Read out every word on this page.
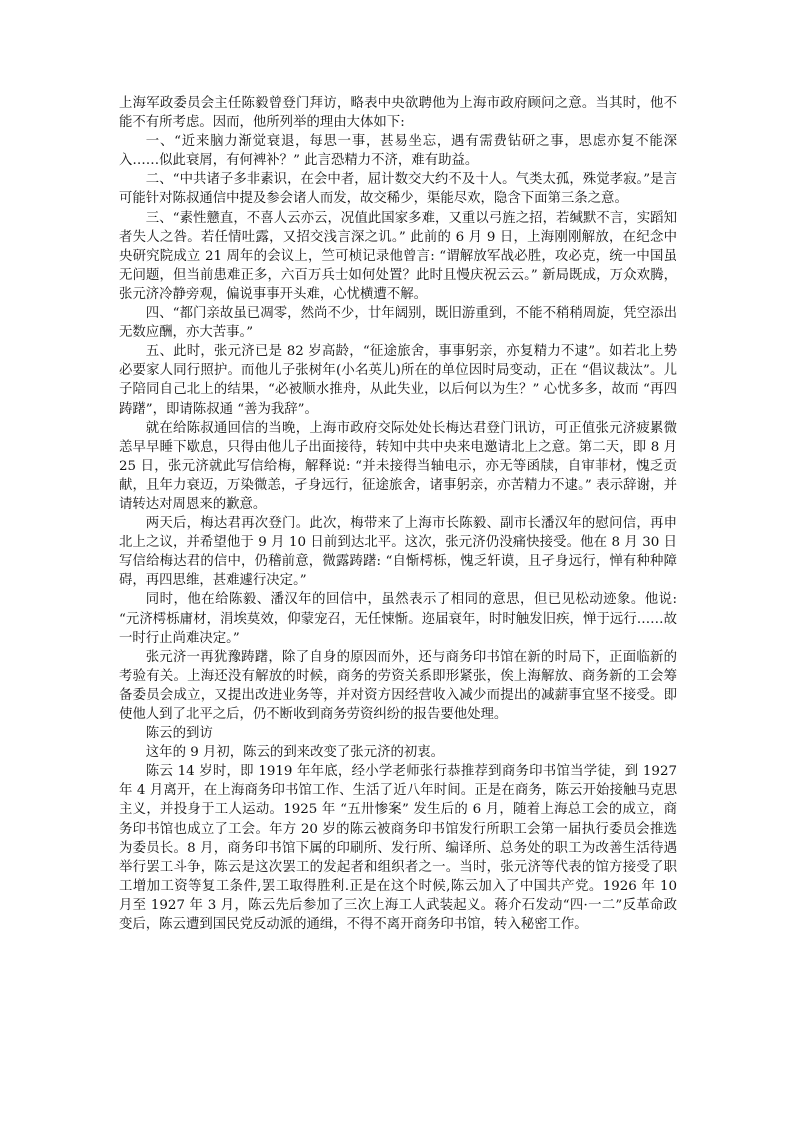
上海军政委员会主任陈毅曾登门拜访，略表中央欲聘他为上海市政府顾问之意。当其时，他不能不有所考虑。因而，他所列举的理由大体如下:

一、“近来脑力渐觉衰退，每思一事，甚易坐忘，遇有需费钻研之事，思虑亦复不能深入……似此衰屑，有何裨补？” 此言恐精力不济，难有助益。

二、“中共诸子多非素识，在会中者，屈计数交大约不及十人。气类太孤，殊觉孝寂。”是言可能针对陈叔通信中提及参会诸人而发，故交稀少，渠能尽欢，隐含下面第三条之意。

三、“素性戆直，不喜人云亦云，况值此国家多难，又重以弓旌之招，若缄默不言，实蹈知者失人之咎。若任情吐露，又招交浅言深之讥。” 此前的 6 月 9 日，上海刚刚解放，在纪念中央研究院成立 21 周年的会议上，竺可桢记录他曾言: “谓解放军战必胜，攻必克，统一中国虽无问题，但当前患难正多，六百万兵士如何处置？此时且慢庆祝云云。” 新局既成，万众欢腾，张元济冷静旁观，偏说事事开头难，心忧横遭不解。

四、“都门亲故虽已凋零，然尚不少，廿年阔别，既旧游重到，不能不稍稍周旋，凭空添出无数应酬，亦大苦事。”

五、此时，张元济已是 82 岁高龄，“征途旅舍，事事躬亲，亦复精力不逮”。如若北上势必要家人同行照护。而他儿子张树年(小名英儿)所在的单位因时局变动，正在 “倡议裁汰”。儿子陪同自己北上的结果，“必被顺水推舟，从此失业，以后何以为生？” 心忧多多，故而 “再四踌躇”，即请陈叔通 “善为我辞”。

就在给陈叔通回信的当晚，上海市政府交际处处长梅达君登门讯访，可正值张元济疲累微恙早早睡下歇息，只得由他儿子出面接待，转知中共中央来电邀请北上之意。第二天，即 8 月 25 日，张元济就此写信给梅，解释说: “并未接得当轴电示，亦无等函牍，自审菲材，愧乏贡献，且年力衰迈，万染微恙，孑身远行，征途旅舍，诸事躬亲，亦苦精力不逮。” 表示辞谢，并请转达对周恩来的歉意。

两天后，梅达君再次登门。此次，梅带来了上海市长陈毅、副市长潘汉年的慰问信，再申北上之议，并希望他于 9 月 10 日前到达北平。这次，张元济仍没痛快接受。他在 8 月 30 日写信给梅达君的信中，仍稽前意，微露踌躇: “自惭樗栎，愧乏轩谟，且孑身远行，惮有种种障碍，再四思维，甚难遽行决定。”

同时，他在给陈毅、潘汉年的回信中，虽然表示了相同的意思，但已见松动迹象。他说: “元济樗栎庸材，涓埃莫效，仰蒙宠召，无任悚惭。迩届衰年，时时触发旧疾，惮于远行……故一时行止尚难决定。”

张元济一再犹豫踌躇，除了自身的原因而外，还与商务印书馆在新的时局下，正面临新的考验有关。上海还没有解放的时候，商务的劳资关系即形紧张，俟上海解放、商务新的工会筹备委员会成立，又提出改进业务等，并对资方因经营收入减少而提出的减薪事宜坚不接受。即使他人到了北平之后，仍不断收到商务劳资纠纷的报告要他处理。

陈云的到访

这年的 9 月初，陈云的到来改变了张元济的初衷。

陈云 14 岁时，即 1919 年年底，经小学老师张行恭推荐到商务印书馆当学徒，到 1927 年 4 月离开，在上海商务印书馆工作、生活了近八年时间。正是在商务，陈云开始接触马克思主义，并投身于工人运动。1925 年 “五卅惨案” 发生后的 6 月，随着上海总工会的成立，商务印书馆也成立了工会。年方 20 岁的陈云被商务印书馆发行所职工会第一届执行委员会推选为委员长。8 月，商务印书馆下属的印刷所、发行所、编译所、总务处的职工为改善生活待遇举行罢工斗争，陈云是这次罢工的发起者和组织者之一。当时，张元济等代表的馆方接受了职工增加工资等复工条件,罢工取得胜利.正是在这个时候,陈云加入了中国共产党。1926 年 10 月至 1927 年 3 月，陈云先后参加了三次上海工人武装起义。蒋介石发动“四·一二”反革命政变后，陈云遭到国民党反动派的通缉，不得不离开商务印书馆，转入秘密工作。
